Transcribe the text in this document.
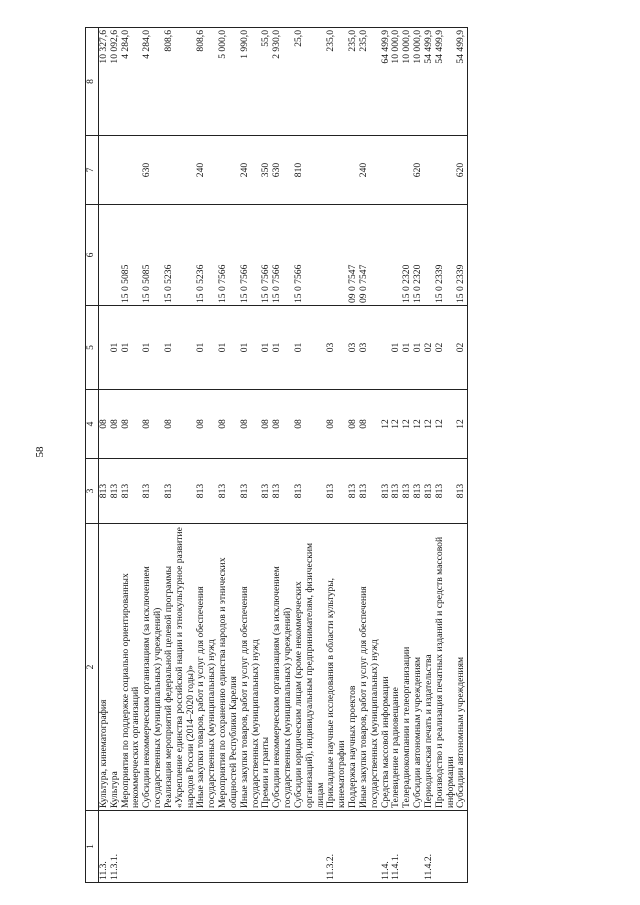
58
1	2	3	4	5	6	7	8
11.3.	Культура, кинематография	813	08				10 327,6
11.3.1.	Культура	813	08	01			10 092,6
	Мероприятия по поддержке социально ориентированных некоммерческих организаций	813	08	01	15 0 5085		4 284,0
	Субсидии некоммерческим организациям (за исключением государственных (муниципальных) учреждений)	813	08	01	15 0 5085	630	4 284,0
	Реализация мероприятий федеральной целевой программы «Укрепление единства российской нации и этнокультурное развитие народов России (2014–2020 годы)»	813	08	01	15 0 5236		808,6
	Иные закупки товаров, работ и услуг для обеспечения государственных (муниципальных) нужд	813	08	01	15 0 5236	240	808,6
	Мероприятия по сохранению единства народов и этнических общностей Республики Карелия	813	08	01	15 0 7566		5 000,0
	Иные закупки товаров, работ и услуг для обеспечения государственных (муниципальных) нужд	813	08	01	15 0 7566	240	1 990,0
	Премии и гранты	813	08	01	15 0 7566	350	55,0
	Субсидии некоммерческим организациям (за исключением государственных (муниципальных) учреждений)	813	08	01	15 0 7566	630	2 930,0
	Субсидии юридическим лицам (кроме некоммерческих организаций), индивидуальным предпринимателям, физическим лицам	813	08	01	15 0 7566	810	25,0
11.3.2.	Прикладные научные исследования в области культуры, кинематографии	813	08	03			235,0
	Поддержка научных проектов	813	08	03	09 0 7547		235,0
	Иные закупки товаров, работ и услуг для обеспечения государственных (муниципальных) нужд	813	08	03	09 0 7547	240	235,0
11.4.	Средства массовой информации	813	12				64 499,9
11.4.1.	Телевидение и радиовещание	813	12	01			10 000,0
	Телерадиокомпании и телеорганизации	813	12	01	15 0 2320		10 000,0
	Субсидии автономным учреждениям	813	12	01	15 0 2320	620	10 000,0
11.4.2.	Периодическая печать и издательства	813	12	02			54 499,9
	Производство и реализация печатных изданий и средств массовой информации	813	12	02	15 0 2339		54 499,9
	Субсидии автономным учреждениям	813	12	02	15 0 2339	620	54 499,9
